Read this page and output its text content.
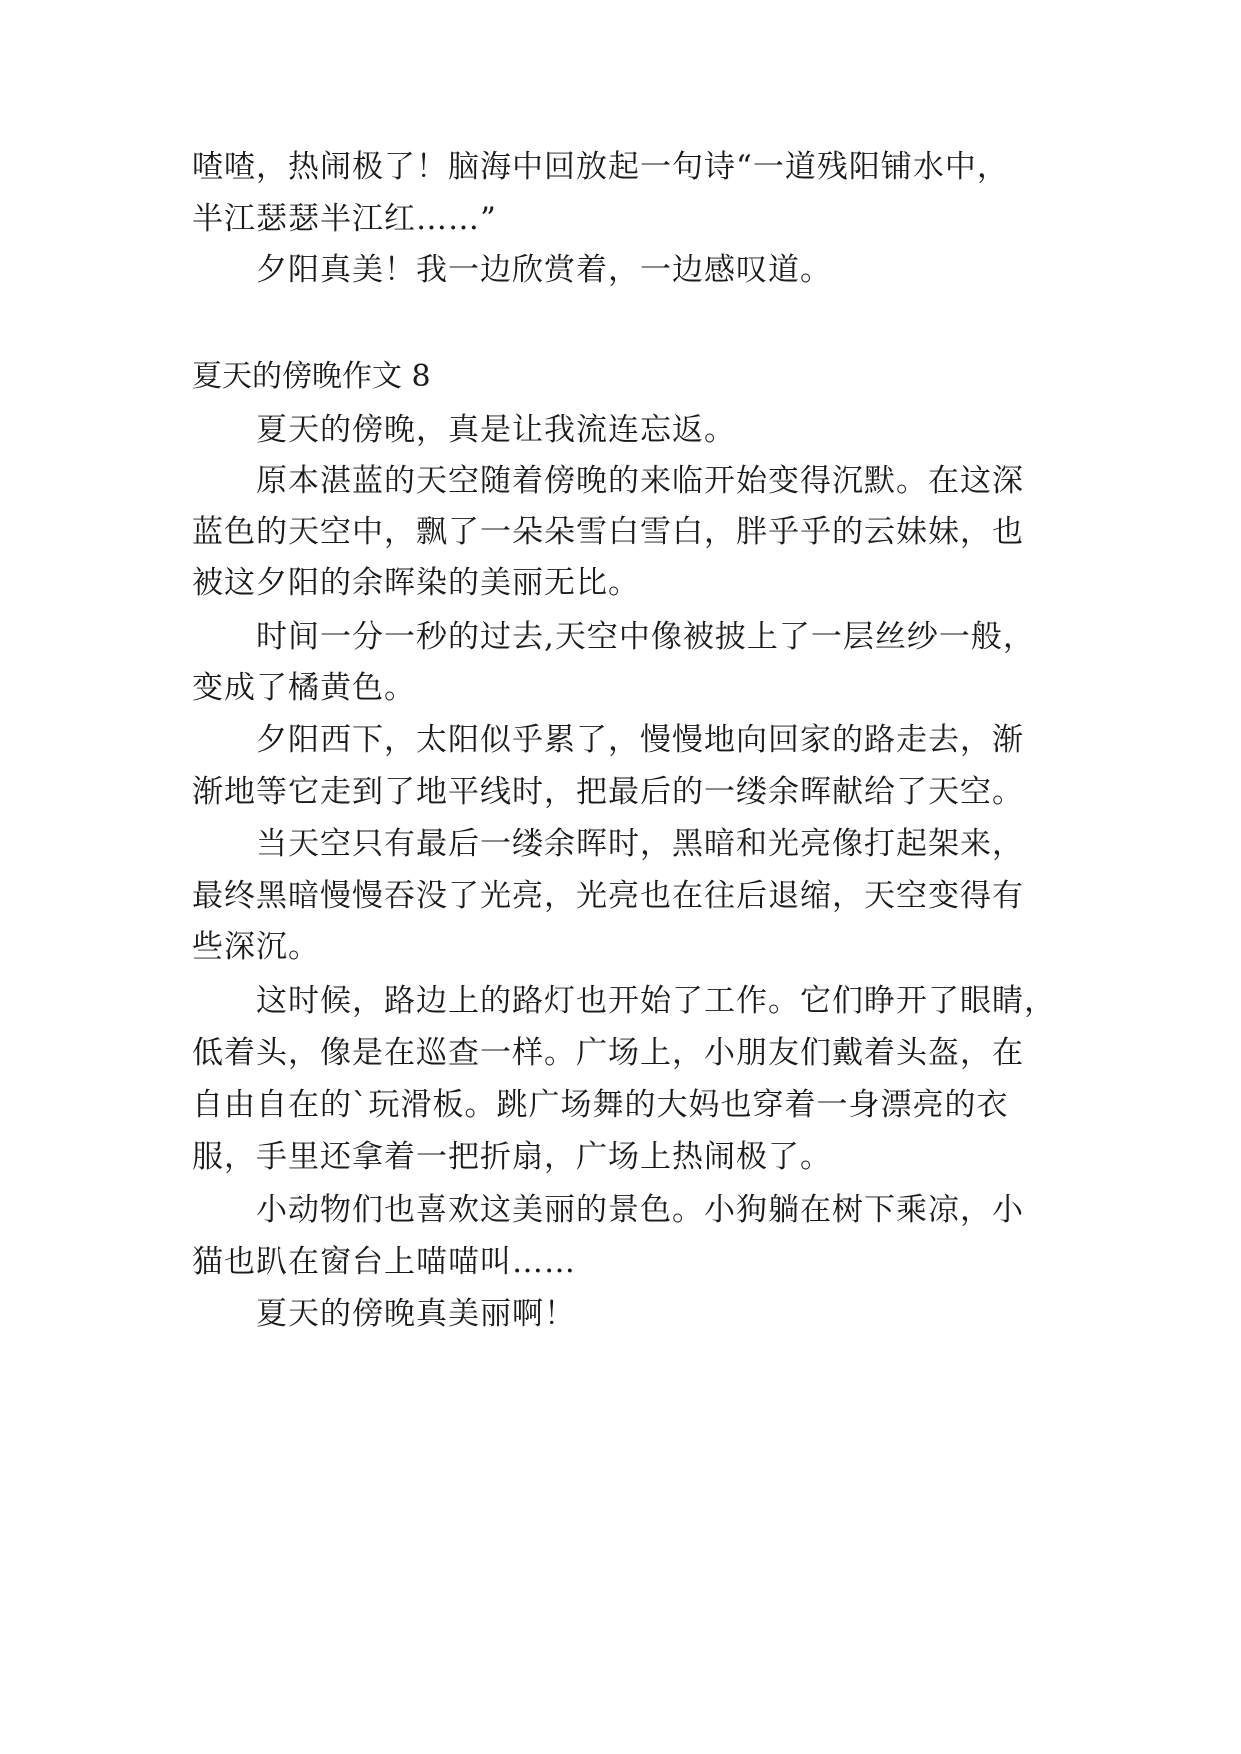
喳喳，热闹极了！脑海中回放起一句诗“一道残阳铺水中，
半江瑟瑟半江红……”
夕阳真美！我一边欣赏着，一边感叹道。
夏天的傍晚作文 8
夏天的傍晚，真是让我流连忘返。
原本湛蓝的天空随着傍晚的来临开始变得沉默。在这深
蓝色的天空中，飘了一朵朵雪白雪白，胖乎乎的云妹妹，也
被这夕阳的余晖染的美丽无比。
时间一分一秒的过去,天空中像被披上了一层丝纱一般，
变成了橘黄色。
夕阳西下，太阳似乎累了，慢慢地向回家的路走去，渐
渐地等它走到了地平线时，把最后的一缕余晖献给了天空。
当天空只有最后一缕余晖时，黑暗和光亮像打起架来，
最终黑暗慢慢吞没了光亮，光亮也在往后退缩，天空变得有
些深沉。
这时候，路边上的路灯也开始了工作。它们睁开了眼睛，
低着头，像是在巡查一样。广场上，小朋友们戴着头盔，在
自由自在的`玩滑板。跳广场舞的大妈也穿着一身漂亮的衣
服，手里还拿着一把折扇，广场上热闹极了。
小动物们也喜欢这美丽的景色。小狗躺在树下乘凉，小
猫也趴在窗台上喵喵叫……
夏天的傍晚真美丽啊！
